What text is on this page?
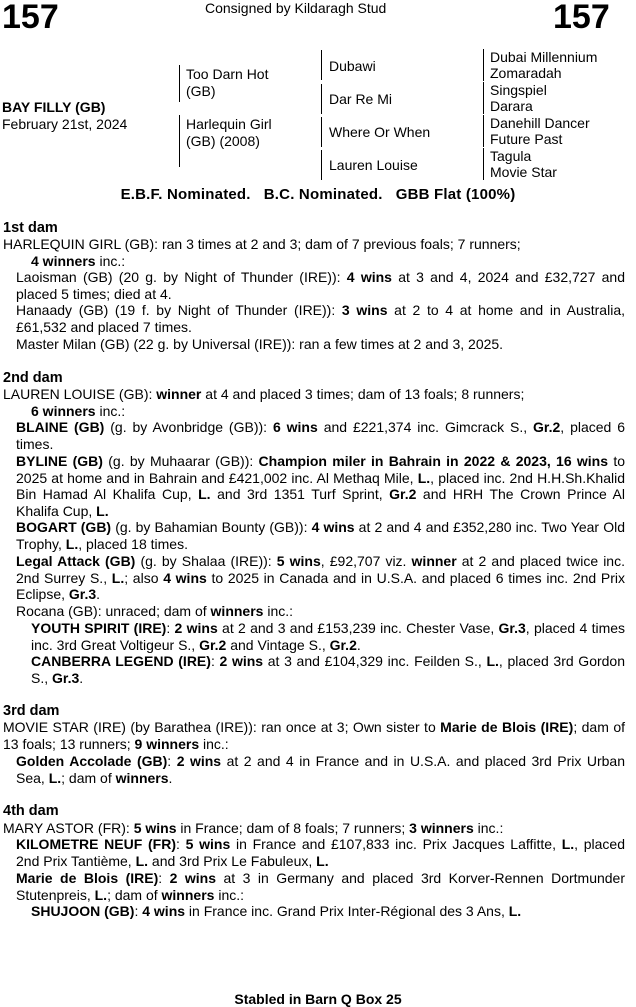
157	Consigned by Kildaragh Stud	157
BAY FILLY (GB)
February 21st, 2024
Too Darn Hot (GB)
Harlequin Girl (GB) (2008)
Dubawi
Dar Re Mi
Where Or When
Lauren Louise
Dubai Millennium
Zomaradah
Singspiel
Darara
Danehill Dancer
Future Past
Tagula
Movie Star
E.B.F. Nominated.   B.C. Nominated.   GBB Flat (100%)
1st dam
HARLEQUIN GIRL (GB): ran 3 times at 2 and 3; dam of 7 previous foals; 7 runners;
4 winners inc.:
Laoisman (GB) (20 g. by Night of Thunder (IRE)): 4 wins at 3 and 4, 2024 and £32,727 and placed 5 times; died at 4.
Hanaady (GB) (19 f. by Night of Thunder (IRE)): 3 wins at 2 to 4 at home and in Australia, £61,532 and placed 7 times.
Master Milan (GB) (22 g. by Universal (IRE)): ran a few times at 2 and 3, 2025.
2nd dam
LAUREN LOUISE (GB): winner at 4 and placed 3 times; dam of 13 foals; 8 runners;
6 winners inc.:
BLAINE (GB) (g. by Avonbridge (GB)): 6 wins and £221,374 inc. Gimcrack S., Gr.2, placed 6 times.
BYLINE (GB) (g. by Muhaarar (GB)): Champion miler in Bahrain in 2022 & 2023, 16 wins to 2025 at home and in Bahrain and £421,002 inc. Al Methaq Mile, L., placed inc. 2nd H.H.Sh.Khalid Bin Hamad Al Khalifa Cup, L. and 3rd 1351 Turf Sprint, Gr.2 and HRH The Crown Prince Al Khalifa Cup, L.
BOGART (GB) (g. by Bahamian Bounty (GB)): 4 wins at 2 and 4 and £352,280 inc. Two Year Old Trophy, L., placed 18 times.
Legal Attack (GB) (g. by Shalaa (IRE)): 5 wins, £92,707 viz. winner at 2 and placed twice inc. 2nd Surrey S., L.; also 4 wins to 2025 in Canada and in U.S.A. and placed 6 times inc. 2nd Prix Eclipse, Gr.3.
Rocana (GB): unraced; dam of winners inc.:
YOUTH SPIRIT (IRE): 2 wins at 2 and 3 and £153,239 inc. Chester Vase, Gr.3, placed 4 times inc. 3rd Great Voltigeur S., Gr.2 and Vintage S., Gr.2.
CANBERRA LEGEND (IRE): 2 wins at 3 and £104,329 inc. Feilden S., L., placed 3rd Gordon S., Gr.3.
3rd dam
MOVIE STAR (IRE) (by Barathea (IRE)): ran once at 3; Own sister to Marie de Blois (IRE); dam of 13 foals; 13 runners; 9 winners inc.:
Golden Accolade (GB): 2 wins at 2 and 4 in France and in U.S.A. and placed 3rd Prix Urban Sea, L.; dam of winners.
4th dam
MARY ASTOR (FR): 5 wins in France; dam of 8 foals; 7 runners; 3 winners inc.:
KILOMETRE NEUF (FR): 5 wins in France and £107,833 inc. Prix Jacques Laffitte, L., placed 2nd Prix Tantième, L. and 3rd Prix Le Fabuleux, L.
Marie de Blois (IRE): 2 wins at 3 in Germany and placed 3rd Korver-Rennen Dortmunder Stutenpreis, L.; dam of winners inc.:
SHUJOON (GB): 4 wins in France inc. Grand Prix Inter-Régional des 3 Ans, L.
Stabled in Barn Q Box 25
